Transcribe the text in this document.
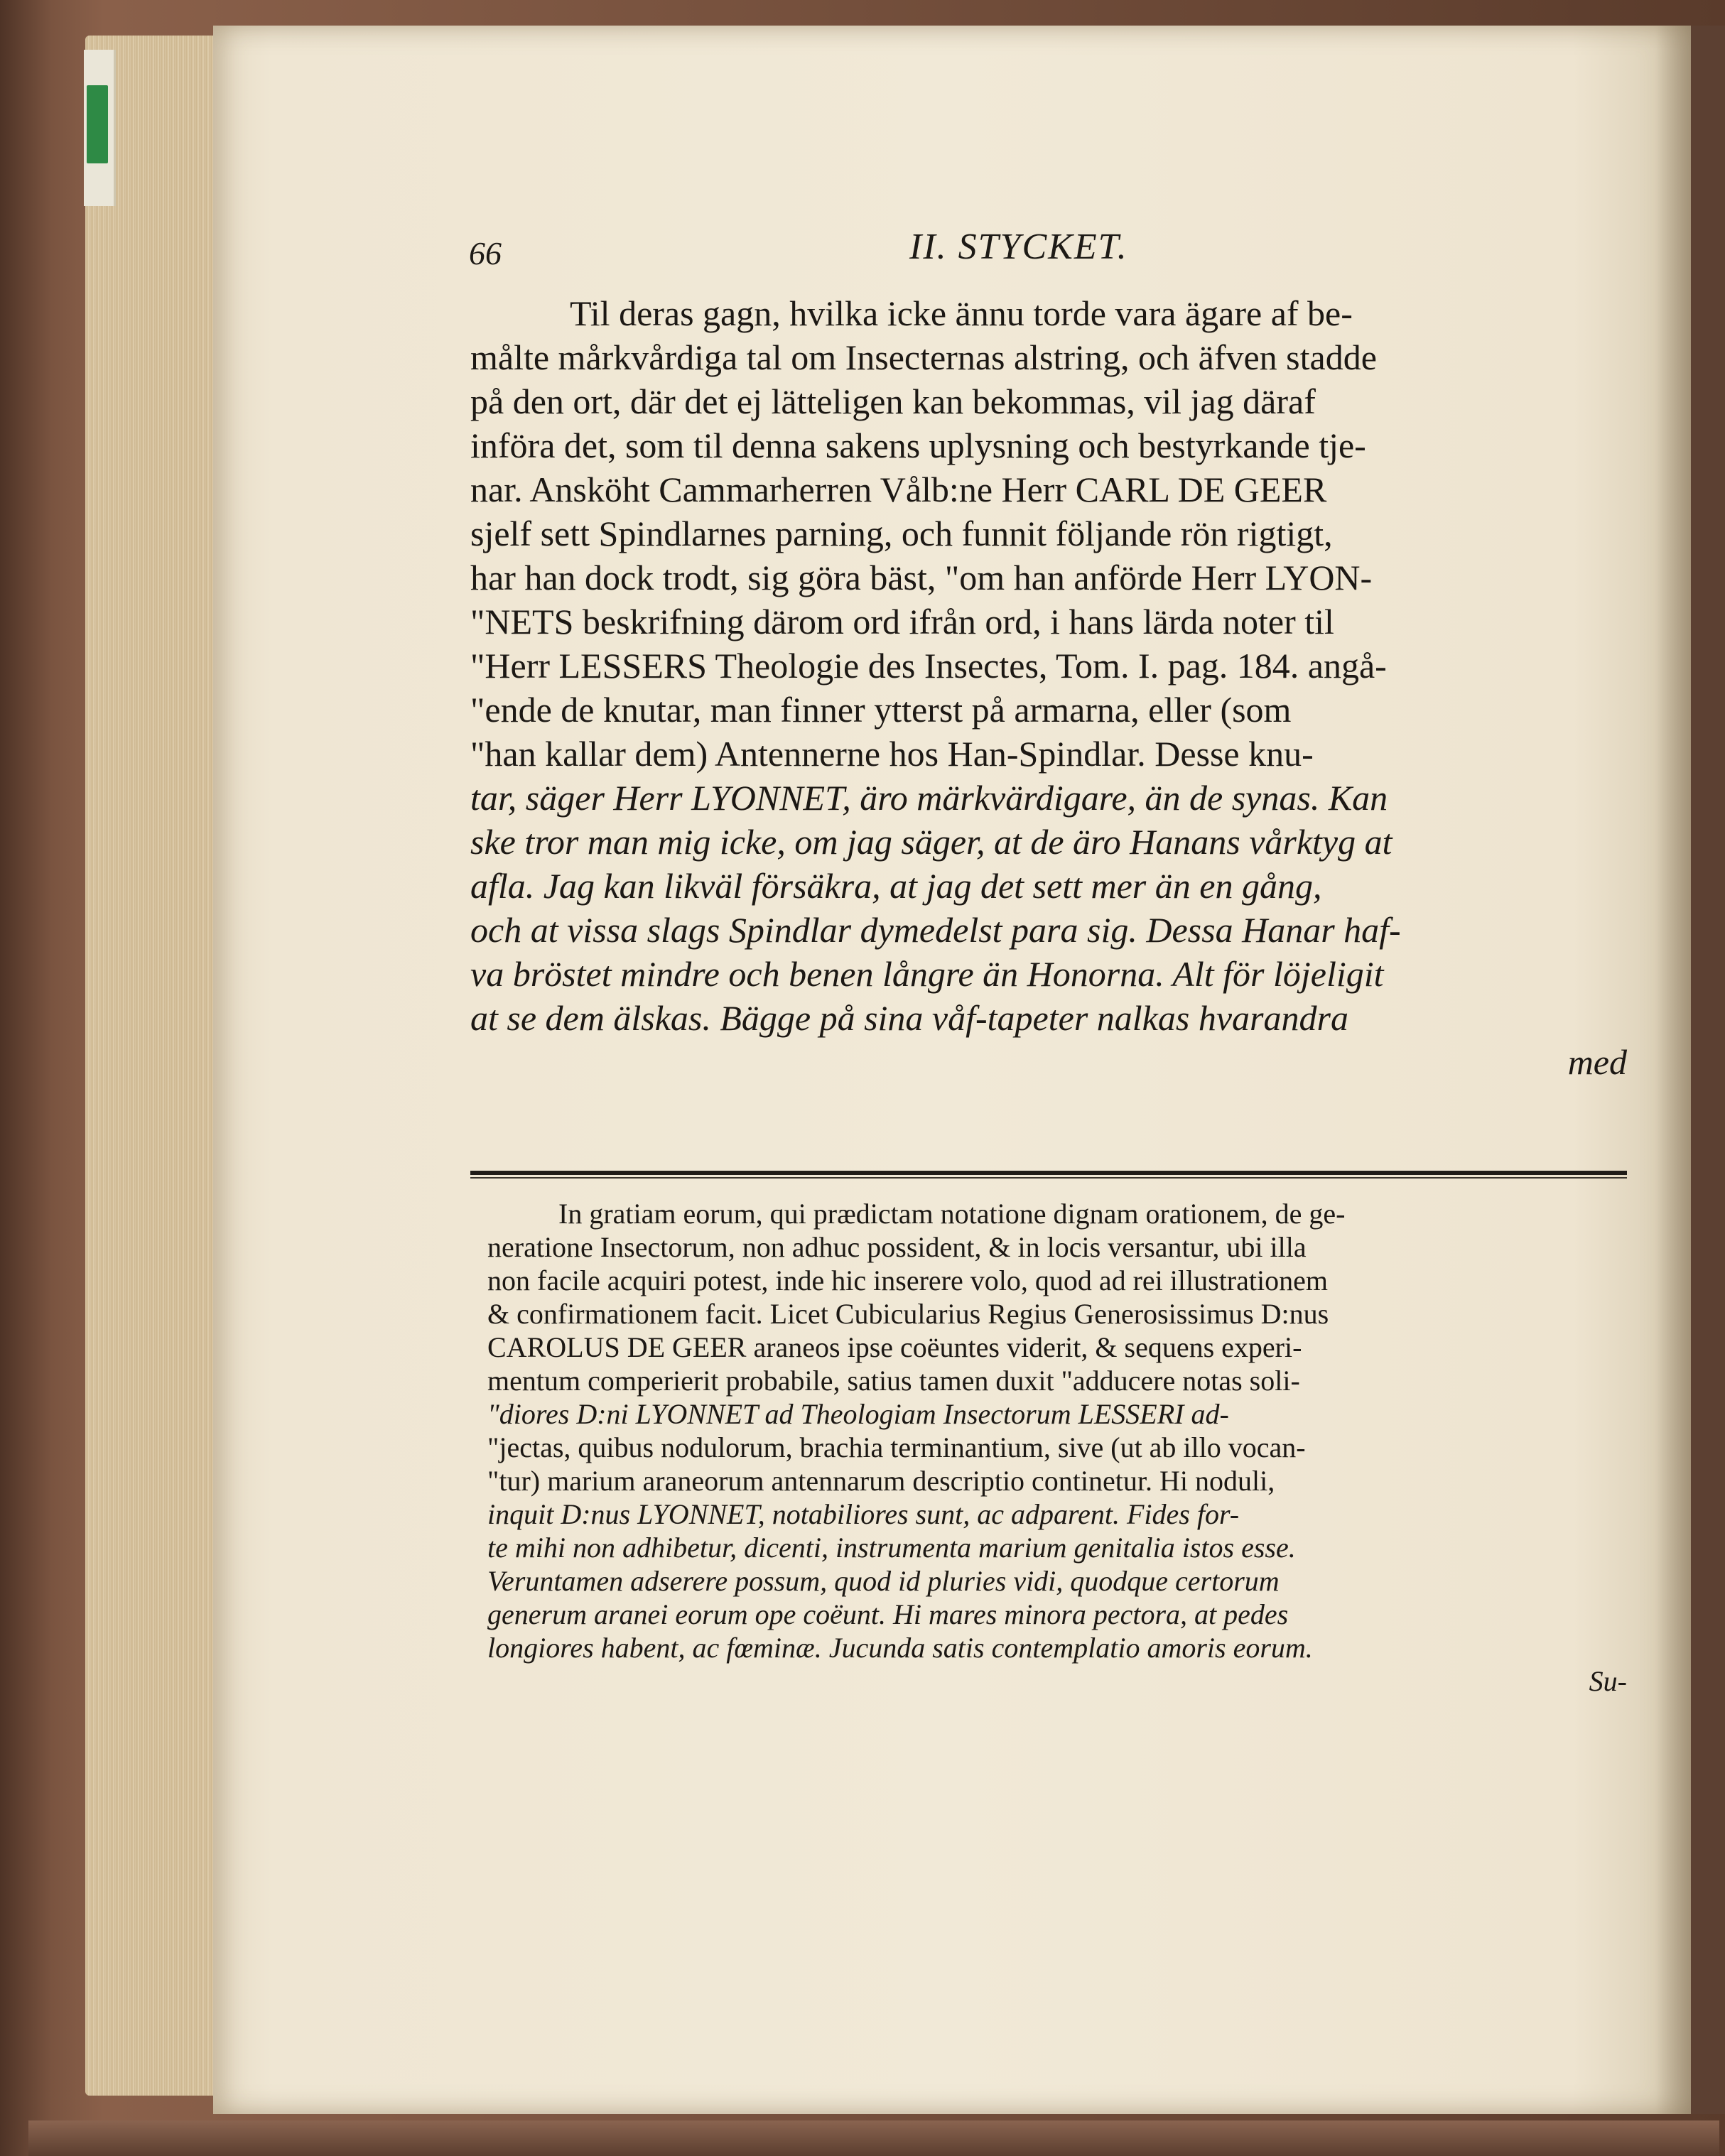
66	II. STYCKET.
Til deras gagn, hvilka icke ännu torde vara ägare af be-
målte mårkvårdiga tal om Insecternas alstring, och äfven stadde
på den ort, där det ej lätteligen kan bekommas, vil jag däraf
införa det, som til denna sakens uplysning och bestyrkande tje-
nar. Ansköht Cammarherren Vålb:ne Herr CARL DE GEER
sjelf sett Spindlarnes parning, och funnit följande rön rigtigt,
har han dock trodt, sig göra bäst, "om han anförde Herr LYON-
"NETS beskrifning därom ord ifrån ord, i hans lärda noter til
"Herr LESSERS Theologie des Insectes, Tom. I. pag. 184. angå-
"ende de knutar, man finner ytterst på armarna, eller (som
"han kallar dem) Antennerne hos Han-Spindlar. Desse knu-
tar, säger Herr LYONNET, äro märkvärdigare, än de synas. Kan
ske tror man mig icke, om jag säger, at de äro Hanans vårktyg at
afla. Jag kan likväl försäkra, at jag det sett mer än en gång,
och at vissa slags Spindlar dymedelst para sig. Dessa Hanar haf-
va bröstet mindre och benen långre än Honorna. Alt för löjeligit
at se dem älskas. Bägge på sina våf-tapeter nalkas hvarandra
med
In gratiam eorum, qui prædictam notatione dignam orationem, de ge-
neratione Insectorum, non adhuc possident, & in locis versantur, ubi illa
non facile acquiri potest, inde hic inserere volo, quod ad rei illustrationem
& confirmationem facit. Licet Cubicularius Regius Generosissimus D:nus
CAROLUS DE GEER araneos ipse coëuntes viderit, & sequens experi-
mentum comperierit probabile, satius tamen duxit "adducere notas soli-
"diores D:ni LYONNET ad Theologiam Insectorum LESSERI ad-
"jectas, quibus nodulorum, brachia terminantium, sive (ut ab illo vocan-
"tur) marium araneorum antennarum descriptio continetur. Hi noduli,
inquit D:nus LYONNET, notabiliores sunt, ac adparent. Fides for-
te mihi non adhibetur, dicenti, instrumenta marium genitalia istos esse.
Veruntamen adserere possum, quod id pluries vidi, quodque certorum
generum aranei eorum ope coëunt. Hi mares minora pectora, at pedes
longiores habent, ac fœminæ. Jucunda satis contemplatio amoris eorum.
Su-
